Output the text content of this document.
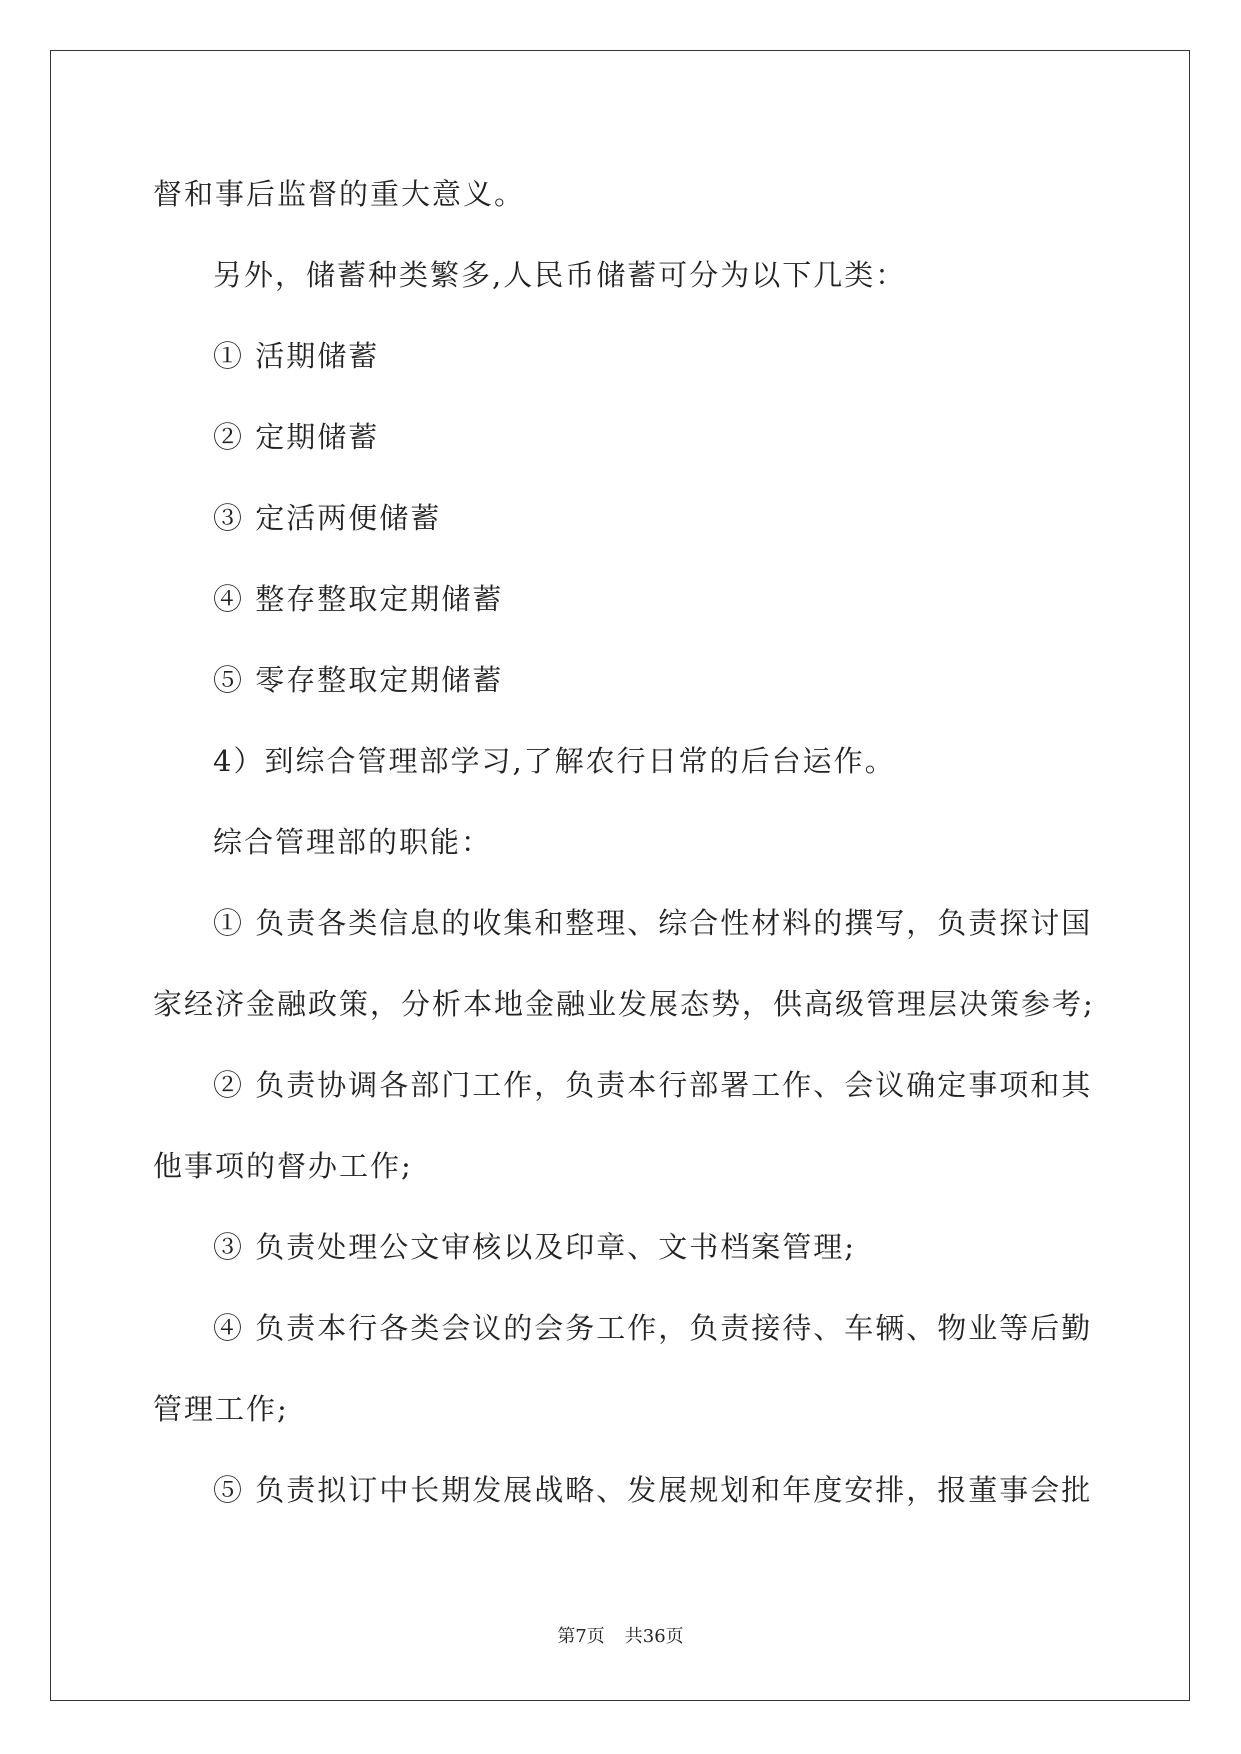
督和事后监督的重大意义。
另外，储蓄种类繁多,人民币储蓄可分为以下几类：
① 活期储蓄
② 定期储蓄
③ 定活两便储蓄
④ 整存整取定期储蓄
⑤ 零存整取定期储蓄
4）到综合管理部学习,了解农行日常的后台运作。
综合管理部的职能：
① 负责各类信息的收集和整理、综合性材料的撰写，负责探讨国
家经济金融政策，分析本地金融业发展态势，供高级管理层决策参考;
② 负责协调各部门工作，负责本行部署工作、会议确定事项和其
他事项的督办工作;
③ 负责处理公文审核以及印章、文书档案管理;
④ 负责本行各类会议的会务工作，负责接待、车辆、物业等后勤
管理工作;
⑤ 负责拟订中长期发展战略、发展规划和年度安排，报董事会批
第7页 共36页
